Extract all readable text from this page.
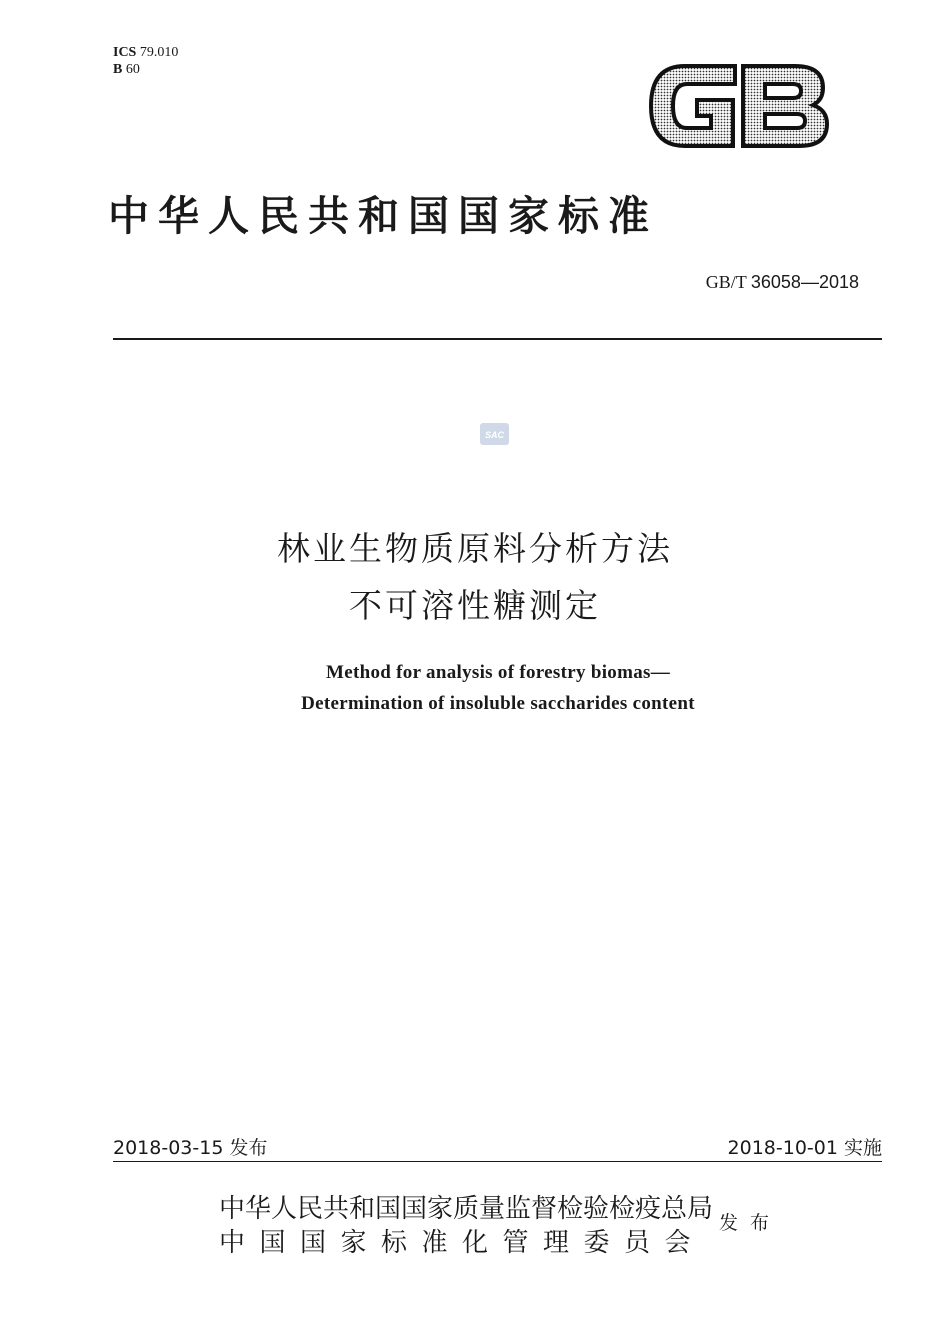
ICS 79.010
B 60
中华人民共和国国家标准
GB/T 36058—2018
SAC
林业生物质原料分析方法
不可溶性糖测定
Method for analysis of forestry biomas—
Determination of insoluble saccharides content
2018-03-15 发布	2018-10-01 实施
中华人民共和国国家质量监督检验检疫总局
中国国家标准化管理委员会
发布
